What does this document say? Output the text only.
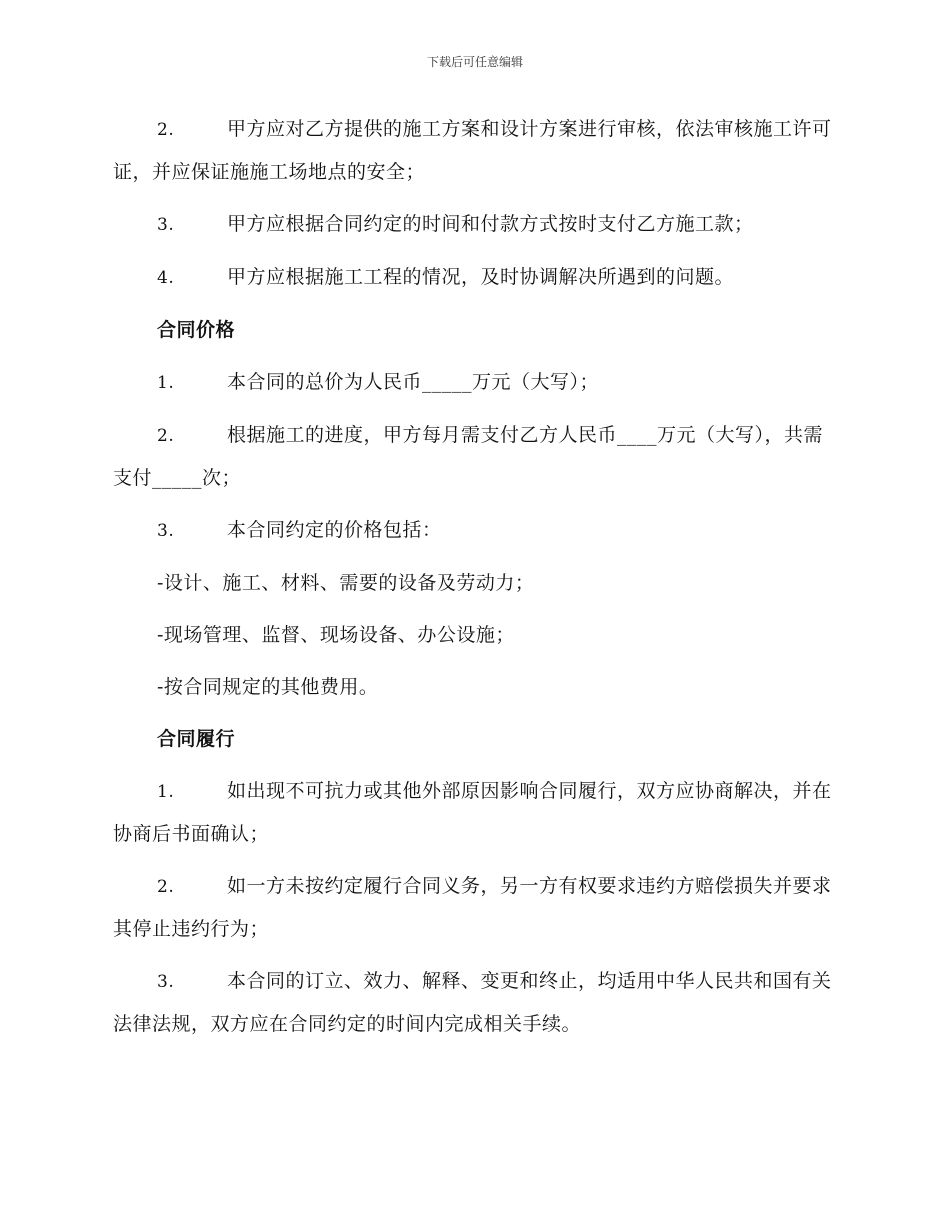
下载后可任意编辑
2.	甲方应对乙方提供的施工方案和设计方案进行审核，依法审核施工许可证，并应保证施施工场地点的安全；
3.	甲方应根据合同约定的时间和付款方式按时支付乙方施工款；
4.	甲方应根据施工工程的情况，及时协调解决所遇到的问题。
合同价格
1.	本合同的总价为人民币_____万元（大写）；
2.	根据施工的进度，甲方每月需支付乙方人民币____万元（大写），共需支付_____次；
3.	本合同约定的价格包括：
-设计、施工、材料、需要的设备及劳动力；
-现场管理、监督、现场设备、办公设施；
-按合同规定的其他费用。
合同履行
1.	如出现不可抗力或其他外部原因影响合同履行，双方应协商解决，并在协商后书面确认；
2.	如一方未按约定履行合同义务，另一方有权要求违约方赔偿损失并要求其停止违约行为；
3.	本合同的订立、效力、解释、变更和终止，均适用中华人民共和国有关法律法规，双方应在合同约定的时间内完成相关手续。
